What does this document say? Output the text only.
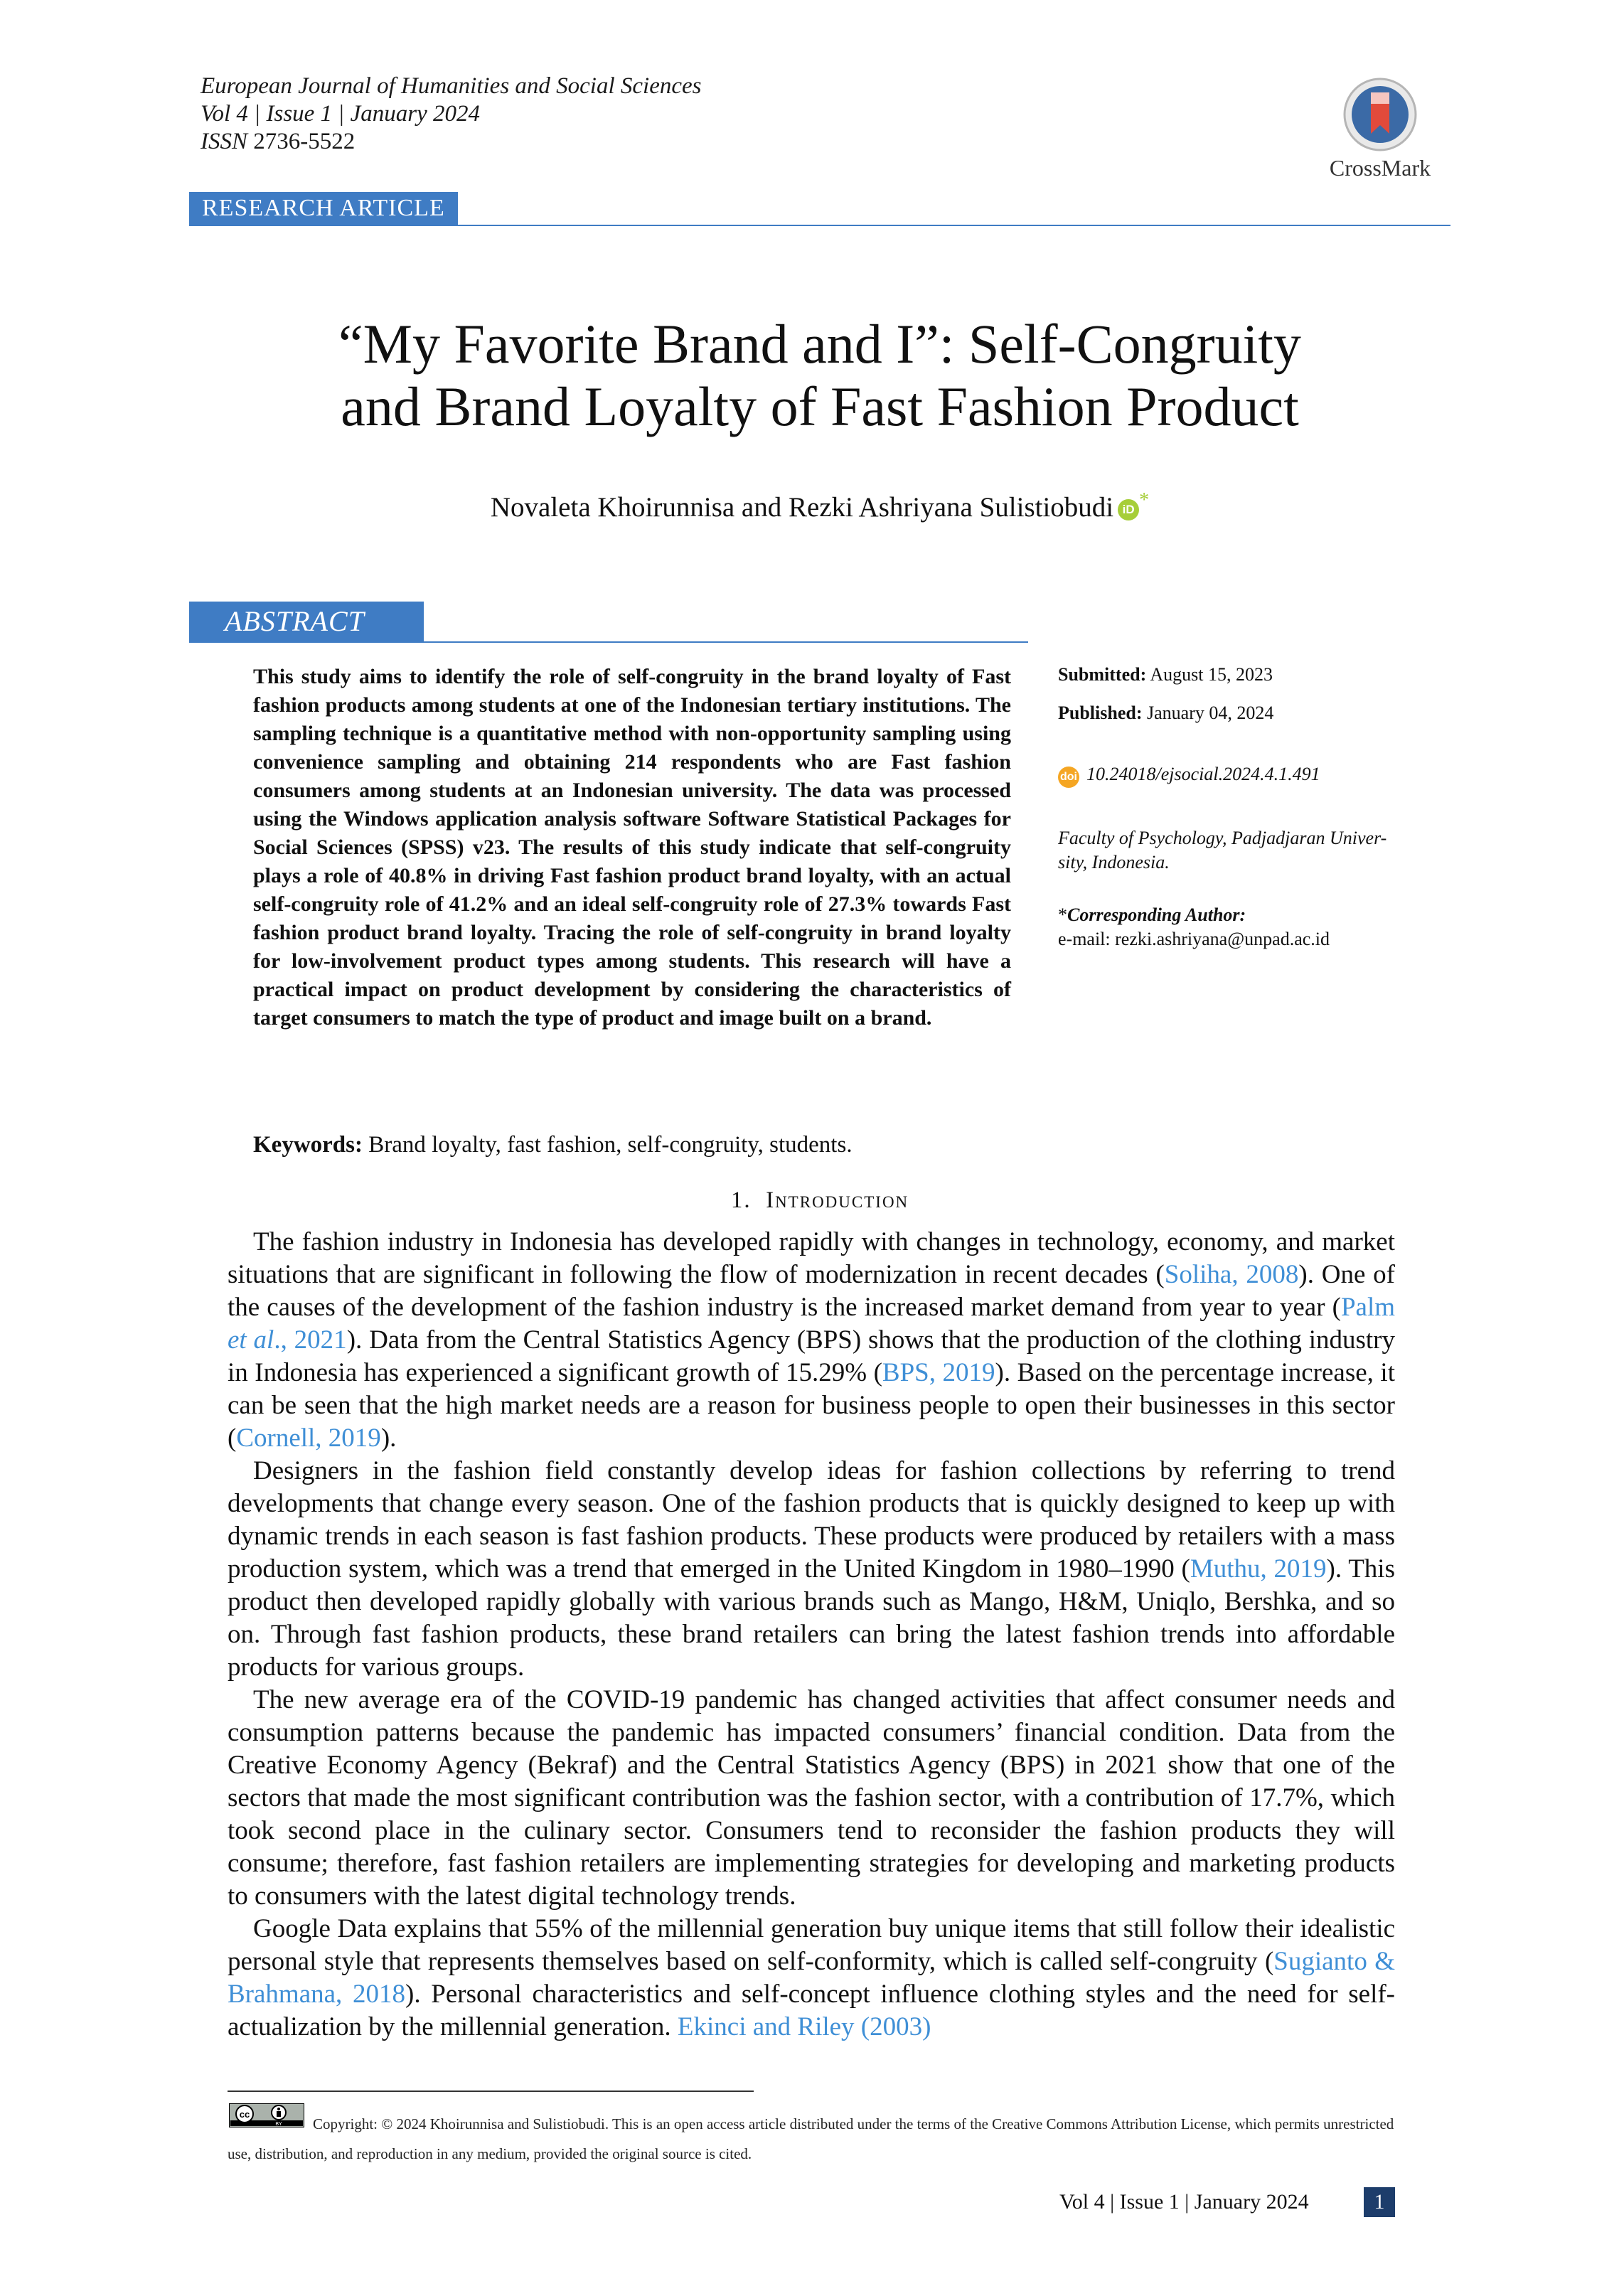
European Journal of Humanities and Social Sciences
Vol 4 | Issue 1 | January 2024
ISSN 2736-5522
CrossMark
RESEARCH ARTICLE
“My Favorite Brand and I”: Self-Congruity
and Brand Loyalty of Fast Fashion Product
Novaleta Khoirunnisa and Rezki Ashriyana Sulistiobudi iD *
ABSTRACT
This study aims to identify the role of self-congruity in the brand loyalty of Fast fashion products among students at one of the Indonesian tertiary institutions. The sampling technique is a quantitative method with non-opportunity sampling using convenience sampling and obtaining 214 respondents who are Fast fashion consumers among students at an Indonesian university. The data was processed using the Windows application analysis software Software Statistical Packages for Social Sciences (SPSS) v23. The results of this study indicate that self-congruity plays a role of 40.8% in driving Fast fashion product brand loyalty, with an actual self-congruity role of 41.2% and an ideal self-congruity role of 27.3% towards Fast fashion product brand loyalty. Tracing the role of self-congruity in brand loyalty for low-involvement product types among students. This research will have a practical impact on product development by considering the characteristics of target consumers to match the type of product and image built on a brand.
Submitted: August 15, 2023
Published: January 04, 2024
doi 10.24018/ejsocial.2024.4.1.491
Faculty of Psychology, Padjadjaran Univer-
sity, Indonesia.
*Corresponding Author:
e-mail: rezki.ashriyana@unpad.ac.id
Keywords: Brand loyalty, fast fashion, self-congruity, students.
1. Introduction

The fashion industry in Indonesia has developed rapidly with changes in technology, economy, and market situations that are significant in following the flow of modernization in recent decades (Soliha, 2008). One of the causes of the development of the fashion industry is the increased market demand from year to year (Palm et al., 2021). Data from the Central Statistics Agency (BPS) shows that the production of the clothing industry in Indonesia has experienced a significant growth of 15.29% (BPS, 2019). Based on the percentage increase, it can be seen that the high market needs are a reason for business people to open their businesses in this sector (Cornell, 2019).

Designers in the fashion field constantly develop ideas for fashion collections by referring to trend developments that change every season. One of the fashion products that is quickly designed to keep up with dynamic trends in each season is fast fashion products. These products were produced by retailers with a mass production system, which was a trend that emerged in the United Kingdom in 1980–1990 (Muthu, 2019). This product then developed rapidly globally with various brands such as Mango, H&M, Uniqlo, Bershka, and so on. Through fast fashion products, these brand retailers can bring the latest fashion trends into affordable products for various groups.

The new average era of the COVID-19 pandemic has changed activities that affect consumer needs and consumption patterns because the pandemic has impacted consumers’ financial condition. Data from the Creative Economy Agency (Bekraf) and the Central Statistics Agency (BPS) in 2021 show that one of the sectors that made the most significant contribution was the fashion sector, with a contribution of 17.7%, which took second place in the culinary sector. Consumers tend to reconsider the fashion products they will consume; therefore, fast fashion retailers are implementing strategies for developing and marketing products to consumers with the latest digital technology trends.

Google Data explains that 55% of the millennial generation buy unique items that still follow their idealistic personal style that represents themselves based on self-conformity, which is called self-congruity (Sugianto & Brahmana, 2018). Personal characteristics and self-concept influence clothing styles and the need for self-actualization by the millennial generation. Ekinci and Riley (2003)

cc
BY	Copyright: © 2024 Khoirunnisa and Sulistiobudi. This is an open access article distributed under the terms of the Creative Commons Attribution License, which permits unrestricted use, distribution, and reproduction in any medium, provided the original source is cited.
Vol 4 | Issue 1 | January 2024	1
